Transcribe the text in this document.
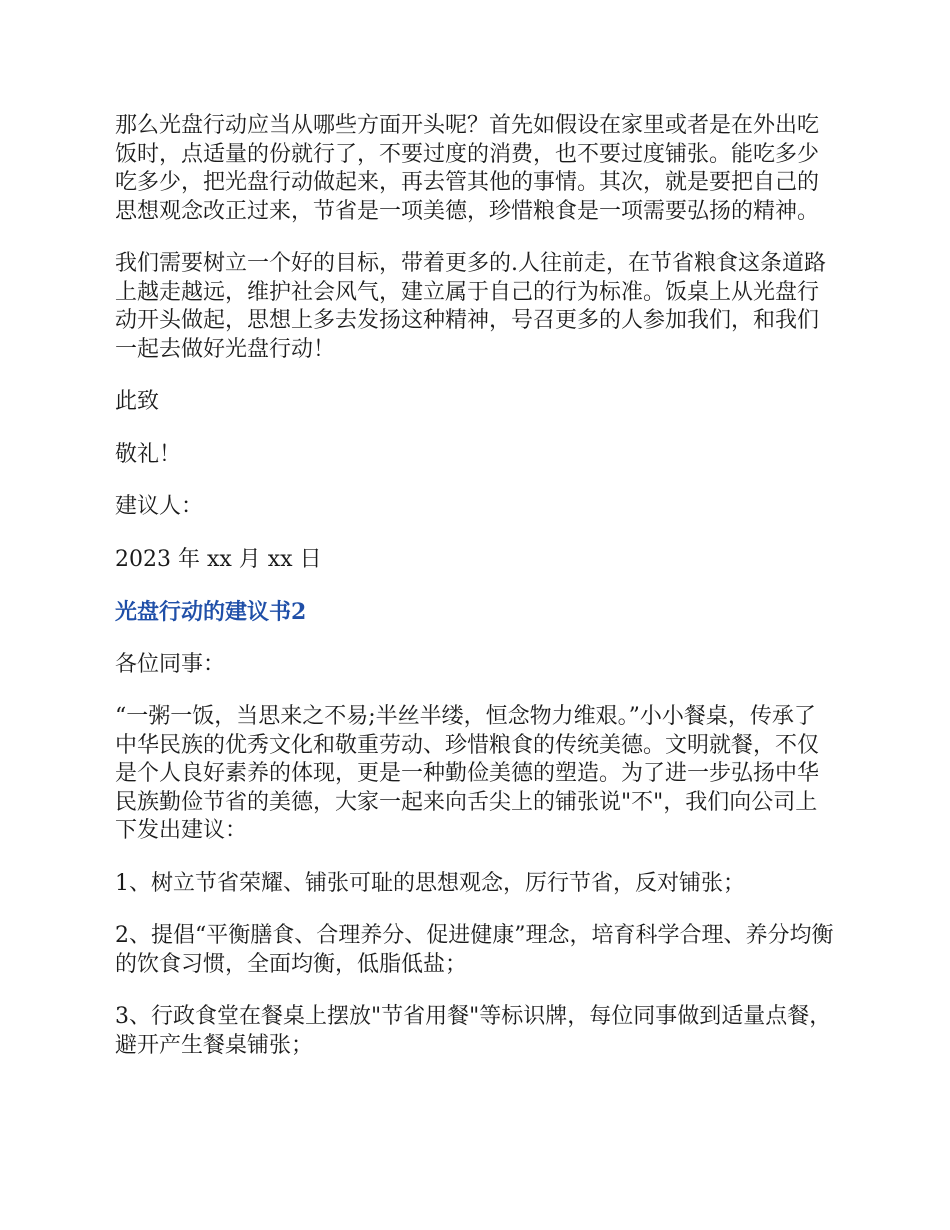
那么光盘行动应当从哪些方面开头呢？首先如假设在家里或者是在外出吃饭时，点适量的份就行了，不要过度的消费，也不要过度铺张。能吃多少吃多少，把光盘行动做起来，再去管其他的事情。其次，就是要把自己的思想观念改正过来，节省是一项美德，珍惜粮食是一项需要弘扬的精神。

我们需要树立一个好的目标，带着更多的.人往前走，在节省粮食这条道路上越走越远，维护社会风气，建立属于自己的行为标准。饭桌上从光盘行动开头做起，思想上多去发扬这种精神，号召更多的人参加我们，和我们一起去做好光盘行动！

此致

敬礼！

建议人：

2023 年 xx 月 xx 日

光盘行动的建议书2

各位同事：

“一粥一饭，当思来之不易;半丝半缕，恒念物力维艰。”小小餐桌，传承了中华民族的优秀文化和敬重劳动、珍惜粮食的传统美德。文明就餐，不仅是个人良好素养的体现，更是一种勤俭美德的塑造。为了进一步弘扬中华民族勤俭节省的美德，大家一起来向舌尖上的铺张说"不"，我们向公司上下发出建议：

1、树立节省荣耀、铺张可耻的思想观念，厉行节省，反对铺张；

2、提倡“平衡膳食、合理养分、促进健康”理念，培育科学合理、养分均衡的饮食习惯，全面均衡，低脂低盐；

3、行政食堂在餐桌上摆放"节省用餐"等标识牌，每位同事做到适量点餐，避开产生餐桌铺张；
